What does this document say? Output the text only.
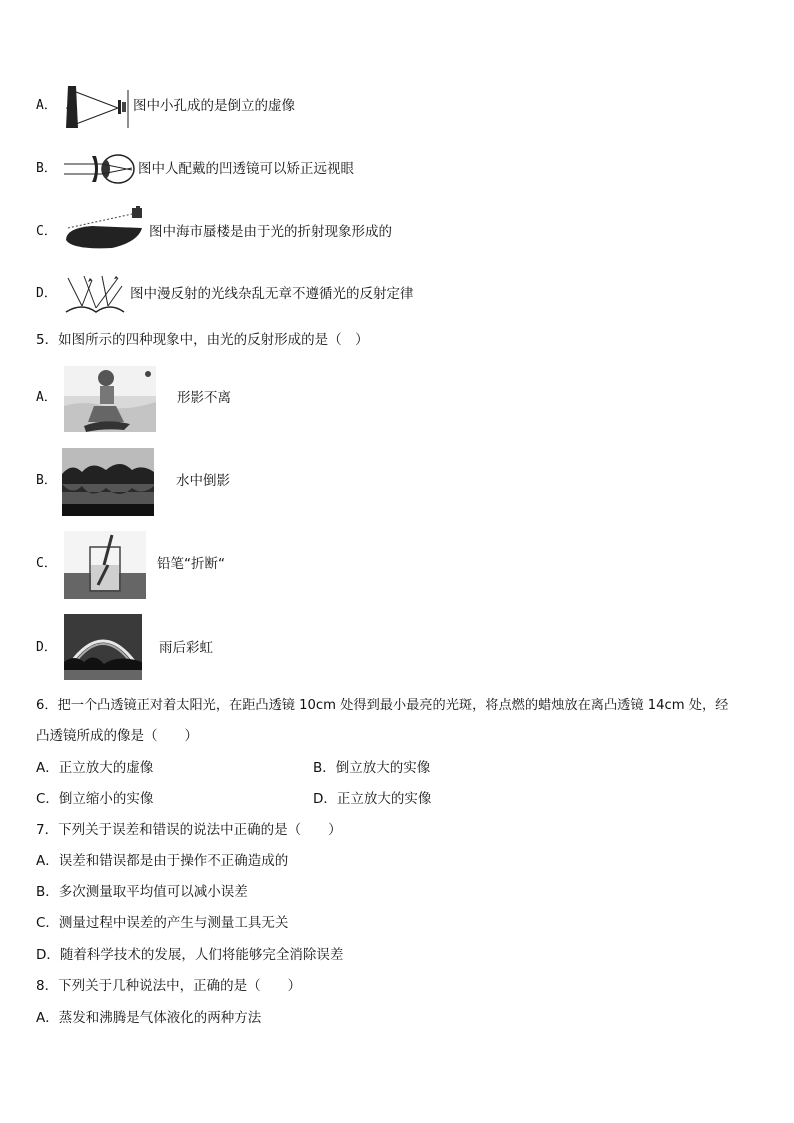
A．	图中小孔成的是倒立的虚像
B．	图中人配戴的凹透镜可以矫正远视眼
C．	图中海市蜃楼是由于光的折射现象形成的
D．	图中漫反射的光线杂乱无章不遵循光的反射定律
5．如图所示的四种现象中，由光的反射形成的是（　）
A．	形影不离
B．	水中倒影
C．	铅笔“折断“
D．	雨后彩虹
6．把一个凸透镜正对着太阳光，在距凸透镜 10cm 处得到最小最亮的光斑，将点燃的蜡烛放在离凸透镜 14cm 处，经
凸透镜所成的像是（　　）
A．正立放大的虚像	B．倒立放大的实像
C．倒立缩小的实像	D．正立放大的实像
7．下列关于误差和错误的说法中正确的是（　　）
A．误差和错误都是由于操作不正确造成的
B．多次测量取平均值可以减小误差
C．测量过程中误差的产生与测量工具无关
D．随着科学技术的发展，人们将能够完全消除误差
8．下列关于几种说法中，正确的是（　　）
A．蒸发和沸腾是气体液化的两种方法
